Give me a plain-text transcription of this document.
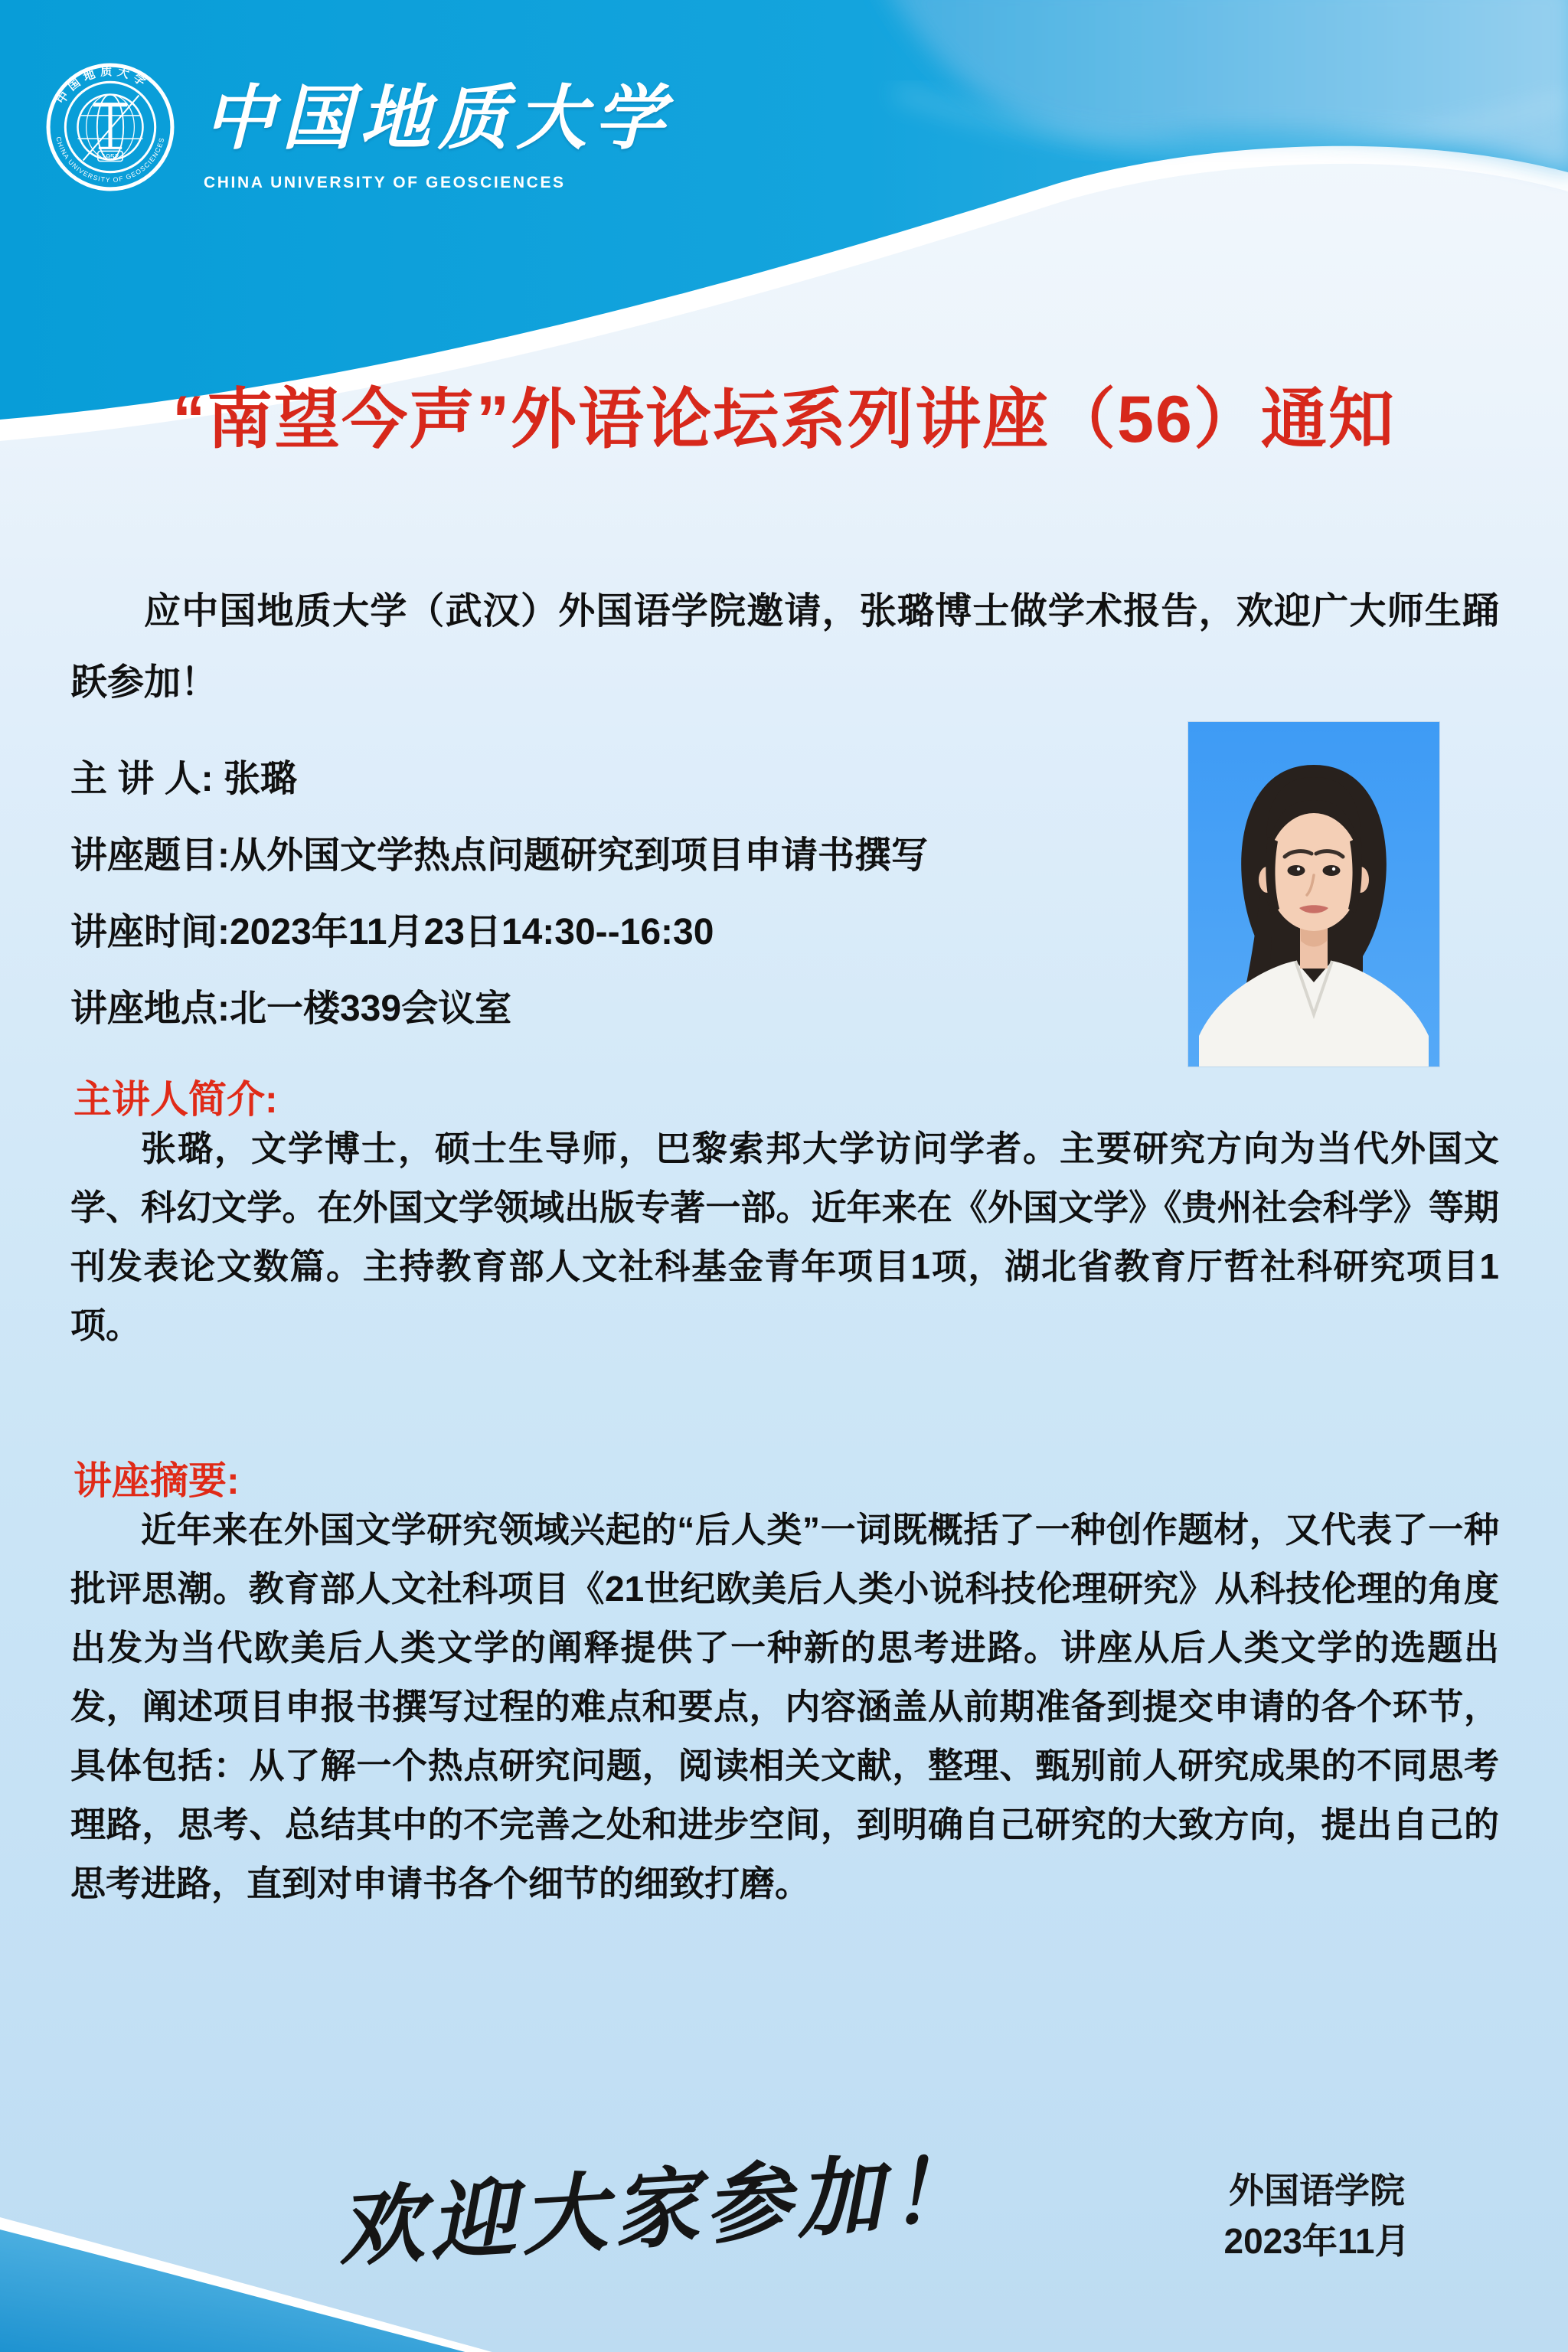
中国地质大学
CHINA UNIVERSITY OF GEOSCIENCES
1952 中国地质大学
CHINA UNIVERSITY OF GEOSCIENCES
“南望今声”外语论坛系列讲座（56）通知
应中国地质大学（武汉）外国语学院邀请，张璐博士做学术报告，欢迎广大师生踊跃参加！
主 讲 人: 张璐
讲座题目:从外国文学热点问题研究到项目申请书撰写
讲座时间:2023年11月23日14:30--16:30
讲座地点:北一楼339会议室
主讲人简介:
张璐，文学博士，硕士生导师，巴黎索邦大学访问学者。主要研究方向为当代外国文学、科幻文学。在外国文学领域出版专著一部。近年来在《外国文学》《贵州社会科学》等期刊发表论文数篇。主持教育部人文社科基金青年项目1项，湖北省教育厅哲社科研究项目1项。
讲座摘要:
近年来在外国文学研究领域兴起的“后人类”一词既概括了一种创作题材，又代表了一种批评思潮。教育部人文社科项目《21世纪欧美后人类小说科技伦理研究》从科技伦理的角度出发为当代欧美后人类文学的阐释提供了一种新的思考进路。讲座从后人类文学的选题出发，阐述项目申报书撰写过程的难点和要点，内容涵盖从前期准备到提交申请的各个环节，具体包括：从了解一个热点研究问题，阅读相关文献，整理、甄别前人研究成果的不同思考理路，思考、总结其中的不完善之处和进步空间，到明确自己研究的大致方向，提出自己的思考进路，直到对申请书各个细节的细致打磨。
欢迎大家参加！	外国语学院
2023年11月
